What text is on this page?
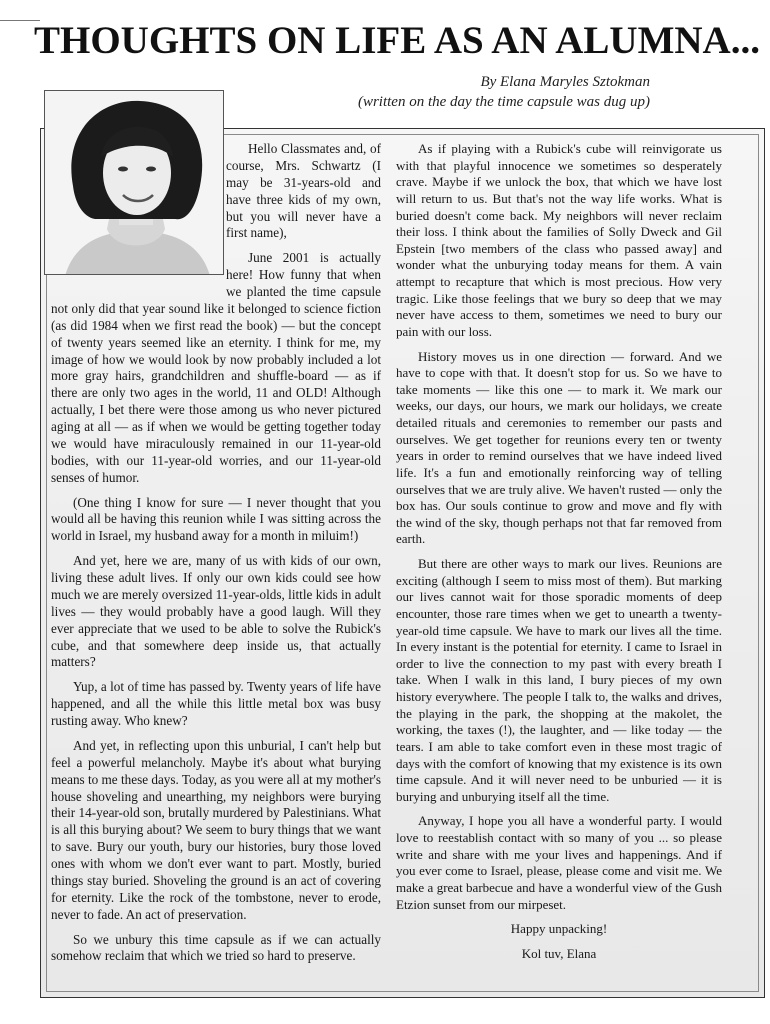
THOUGHTS ON LIFE AS AN ALUMNA...
By Elana Maryles Sztokman
(written on the day the time capsule was dug up)

Hello Classmates and, of course, Mrs. Schwartz (I may be 31-years-old and have three kids of my own, but you will never have a first name),

June 2001 is actually here! How funny that when we planted the time capsule not only did that year sound like it belonged to science fiction (as did 1984 when we first read the book) — but the concept of twenty years seemed like an eternity. I think for me, my image of how we would look by now probably included a lot more gray hairs, grandchildren and shuffle-board — as if there are only two ages in the world, 11 and OLD! Although actually, I bet there were those among us who never pictured aging at all — as if when we would be getting together today we would have miraculously remained in our 11-year-old bodies, with our 11-year-old worries, and our 11-year-old senses of humor.

(One thing I know for sure — I never thought that you would all be having this reunion while I was sitting across the world in Israel, my husband away for a month in miluim!)

And yet, here we are, many of us with kids of our own, living these adult lives. If only our own kids could see how much we are merely oversized 11-year-olds, little kids in adult lives — they would probably have a good laugh. Will they ever appreciate that we used to be able to solve the Rubick's cube, and that somewhere deep inside us, that actually matters?

Yup, a lot of time has passed by. Twenty years of life have happened, and all the while this little metal box was busy rusting away. Who knew?

And yet, in reflecting upon this unburial, I can't help but feel a powerful melancholy. Maybe it's about what burying means to me these days. Today, as you were all at my mother's house shoveling and unearthing, my neighbors were burying their 14-year-old son, brutally murdered by Palestinians. What is all this burying about? We seem to bury things that we want to save. Bury our youth, bury our histories, bury those loved ones with whom we don't ever want to part. Mostly, buried things stay buried. Shoveling the ground is an act of covering for eternity. Like the rock of the tombstone, never to erode, never to fade. An act of preservation.

So we unbury this time capsule as if we can actually somehow reclaim that which we tried so hard to preserve.

As if playing with a Rubick's cube will reinvigorate us with that playful innocence we sometimes so desperately crave. Maybe if we unlock the box, that which we have lost will return to us. But that's not the way life works. What is buried doesn't come back. My neighbors will never reclaim their loss. I think about the families of Solly Dweck and Gil Epstein [two members of the class who passed away] and wonder what the unburying today means for them. A vain attempt to recapture that which is most precious. How very tragic. Like those feelings that we bury so deep that we may never have access to them, sometimes we need to bury our pain with our loss.

History moves us in one direction — forward. And we have to cope with that. It doesn't stop for us. So we have to take moments — like this one — to mark it. We mark our weeks, our days, our hours, we mark our holidays, we create detailed rituals and ceremonies to remember our pasts and ourselves. We get together for reunions every ten or twenty years in order to remind ourselves that we have indeed lived life. It's a fun and emotionally reinforcing way of telling ourselves that we are truly alive. We haven't rusted — only the box has. Our souls continue to grow and move and fly with the wind of the sky, though perhaps not that far removed from earth.

But there are other ways to mark our lives. Reunions are exciting (although I seem to miss most of them). But marking our lives cannot wait for those sporadic moments of deep encounter, those rare times when we get to unearth a twenty-year-old time capsule. We have to mark our lives all the time. In every instant is the potential for eternity. I came to Israel in order to live the connection to my past with every breath I take. When I walk in this land, I bury pieces of my own history everywhere. The people I talk to, the walks and drives, the playing in the park, the shopping at the makolet, the working, the taxes (!), the laughter, and — like today — the tears. I am able to take comfort even in these most tragic of days with the comfort of knowing that my existence is its own time capsule. And it will never need to be unburied — it is burying and unburying itself all the time.

Anyway, I hope you all have a wonderful party. I would love to reestablish contact with so many of you ... so please write and share with me your lives and happenings. And if you ever come to Israel, please, please come and visit me. We make a great barbecue and have a wonderful view of the Gush Etzion sunset from our mirpeset.

Happy unpacking!

Kol tuv, Elana
